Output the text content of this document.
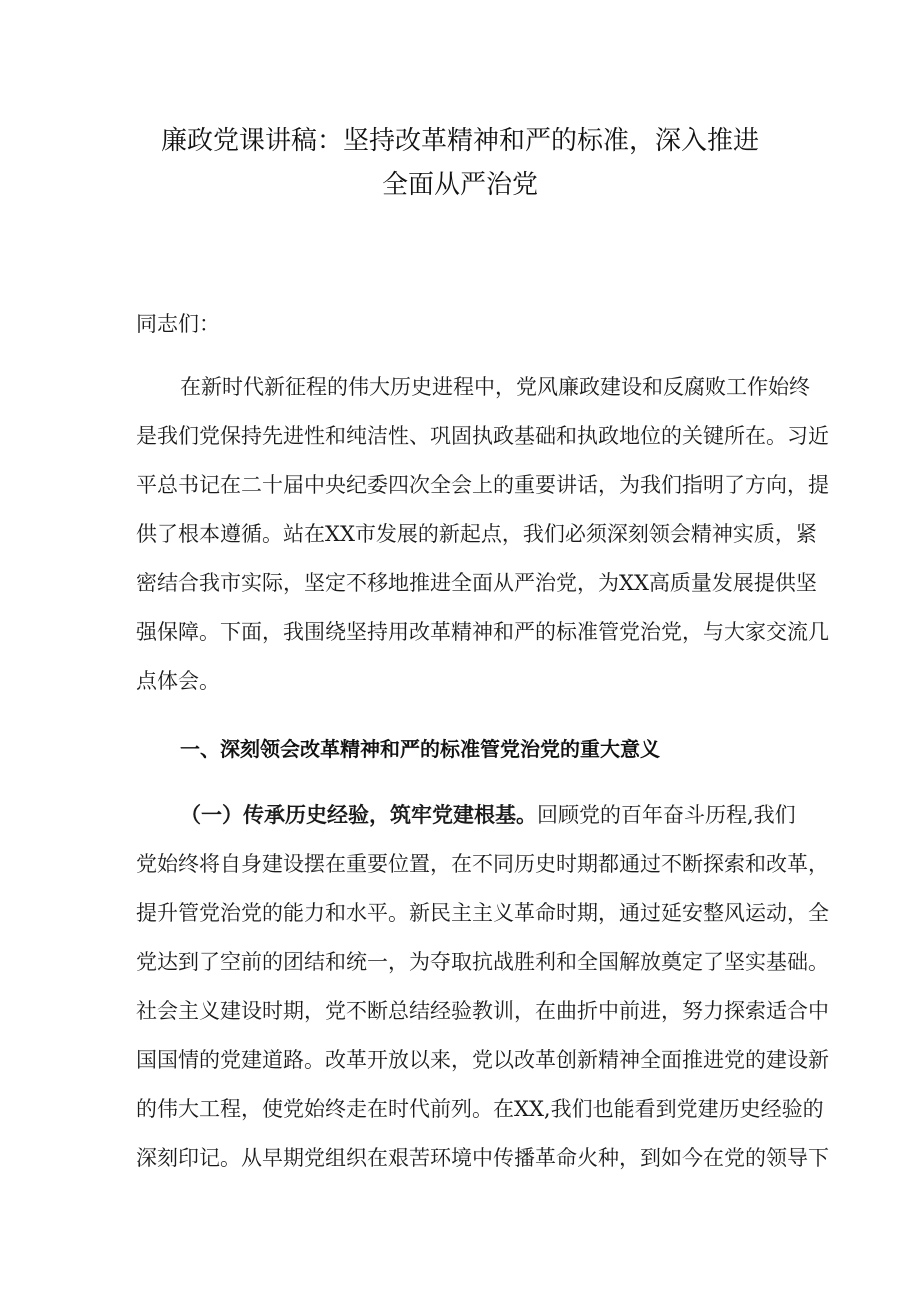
廉政党课讲稿：坚持改革精神和严的标准，深入推进
全面从严治党
同志们：
在新时代新征程的伟大历史进程中，党风廉政建设和反腐败工作始终
是我们党保持先进性和纯洁性、巩固执政基础和执政地位的关键所在。习近
平总书记在二十届中央纪委四次全会上的重要讲话，为我们指明了方向，提
供了根本遵循。站在XX市发展的新起点，我们必须深刻领会精神实质，紧
密结合我市实际，坚定不移地推进全面从严治党，为XX高质量发展提供坚
强保障。下面，我围绕坚持用改革精神和严的标准管党治党，与大家交流几
点体会。
一、深刻领会改革精神和严的标准管党治党的重大意义
（一）传承历史经验，筑牢党建根基。回顾党的百年奋斗历程,我们
党始终将自身建设摆在重要位置，在不同历史时期都通过不断探索和改革，
提升管党治党的能力和水平。新民主主义革命时期，通过延安整风运动，全
党达到了空前的团结和统一，为夺取抗战胜利和全国解放奠定了坚实基础。
社会主义建设时期，党不断总结经验教训，在曲折中前进，努力探索适合中
国国情的党建道路。改革开放以来，党以改革创新精神全面推进党的建设新
的伟大工程，使党始终走在时代前列。在XX,我们也能看到党建历史经验的
深刻印记。从早期党组织在艰苦环境中传播革命火种，到如今在党的领导下
